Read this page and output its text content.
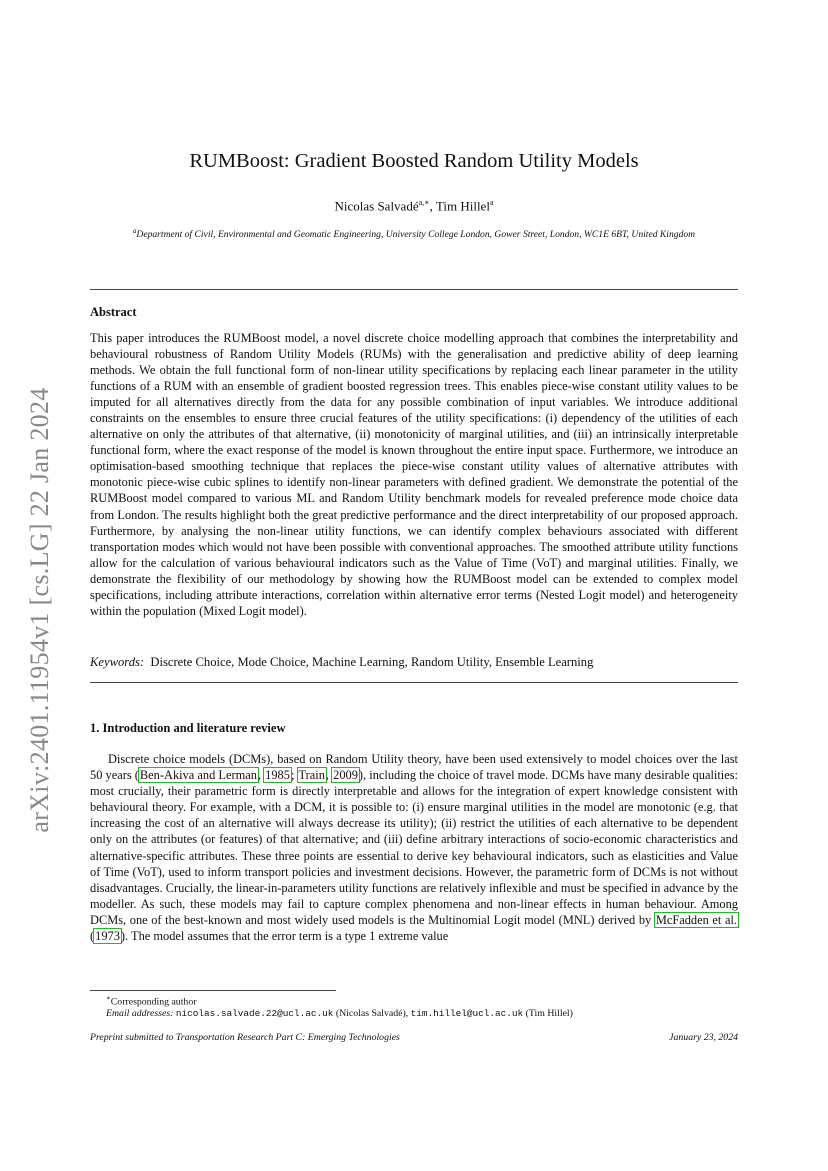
arXiv:2401.11954v1 [cs.LG] 22 Jan 2024
RUMBoost: Gradient Boosted Random Utility Models
Nicolas Salvadé$^{a,∗}$, Tim Hillel$^a$
$^a$Department of Civil, Environmental and Geomatic Engineering, University College London, Gower Street, London, WC1E 6BT, United Kingdom
Abstract
This paper introduces the RUMBoost model, a novel discrete choice modelling approach that combines the interpretability and behavioural robustness of Random Utility Models (RUMs) with the generalisation and predictive ability of deep learning methods. We obtain the full functional form of non-linear utility specifications by replacing each linear parameter in the utility functions of a RUM with an ensemble of gradient boosted regression trees. This enables piece-wise constant utility values to be imputed for all alternatives directly from the data for any possible combination of input variables. We introduce additional constraints on the ensembles to ensure three crucial features of the utility specifications: (i) dependency of the utilities of each alternative on only the attributes of that alternative, (ii) monotonicity of marginal utilities, and (iii) an intrinsically interpretable functional form, where the exact response of the model is known throughout the entire input space. Furthermore, we introduce an optimisation-based smoothing technique that replaces the piece-wise constant utility values of alternative attributes with monotonic piece-wise cubic splines to identify non-linear parameters with defined gradient. We demonstrate the potential of the RUMBoost model compared to various ML and Random Utility benchmark models for revealed preference mode choice data from London. The results highlight both the great predictive performance and the direct interpretability of our proposed approach. Furthermore, by analysing the non-linear utility functions, we can identify complex behaviours associated with different transportation modes which would not have been possible with conventional approaches. The smoothed attribute utility functions allow for the calculation of various behavioural indicators such as the Value of Time (VoT) and marginal utilities. Finally, we demonstrate the flexibility of our methodology by showing how the RUMBoost model can be extended to complex model specifications, including attribute interactions, correlation within alternative error terms (Nested Logit model) and heterogeneity within the population (Mixed Logit model).
Keywords: Discrete Choice, Mode Choice, Machine Learning, Random Utility, Ensemble Learning
1. Introduction and literature review
Discrete choice models (DCMs), based on Random Utility theory, have been used extensively to model choices over the last 50 years (Ben-Akiva and Lerman, 1985; Train, 2009), including the choice of travel mode. DCMs have many desirable qualities: most crucially, their parametric form is directly interpretable and allows for the integration of expert knowledge consistent with behavioural theory. For example, with a DCM, it is possible to: (i) ensure marginal utilities in the model are monotonic (e.g. that increasing the cost of an alternative will always decrease its utility); (ii) restrict the utilities of each alternative to be dependent only on the attributes (or features) of that alternative; and (iii) define arbitrary interactions of socio-economic characteristics and alternative-specific attributes. These three points are essential to derive key behavioural indicators, such as elasticities and Value of Time (VoT), used to inform transport policies and investment decisions. However, the parametric form of DCMs is not without disadvantages. Crucially, the linear-in-parameters utility functions are relatively inflexible and must be specified in advance by the modeller. As such, these models may fail to capture complex phenomena and non-linear effects in human behaviour. Among DCMs, one of the best-known and most widely used models is the Multinomial Logit model (MNL) derived by McFadden et al. (1973). The model assumes that the error term is a type 1 extreme value
∗Corresponding author
Email addresses: nicolas.salvade.22@ucl.ac.uk (Nicolas Salvadé), tim.hillel@ucl.ac.uk (Tim Hillel)
Preprint submitted to Transportation Research Part C: Emerging Technologies	January 23, 2024
